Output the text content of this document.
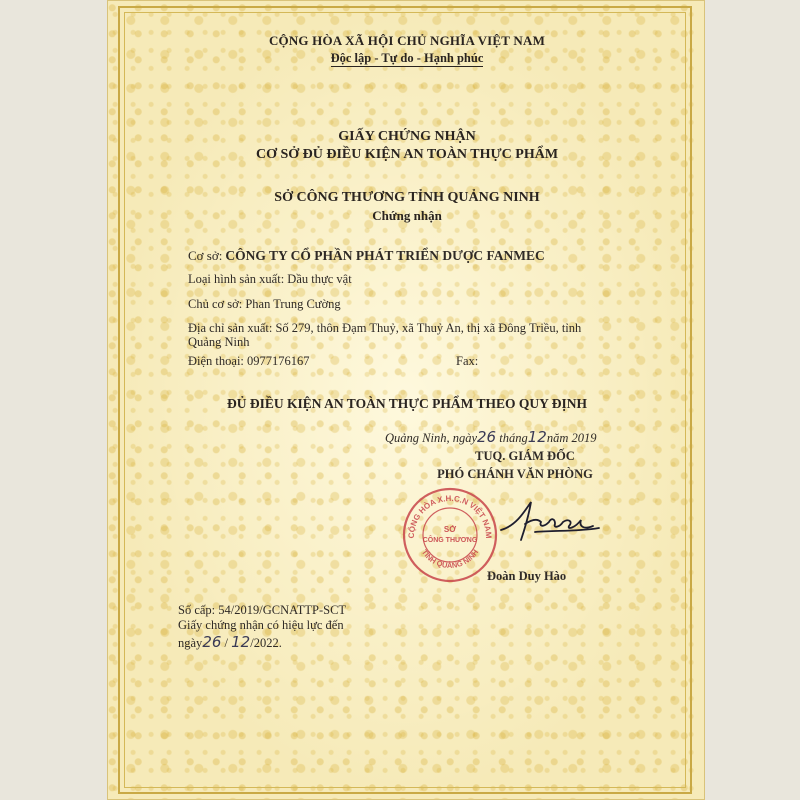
CỘNG HÒA XÃ HỘI CHỦ NGHĨA VIỆT NAM
Độc lập - Tự do - Hạnh phúc
GIẤY CHỨNG NHẬN
CƠ SỞ ĐỦ ĐIỀU KIỆN AN TOÀN THỰC PHẨM
SỞ CÔNG THƯƠNG TỈNH QUẢNG NINH
Chứng nhận
Cơ sở: CÔNG TY CỔ PHẦN PHÁT TRIỂN DƯỢC FANMEC
Loại hình sản xuất: Dầu thực vật
Chủ cơ sở: Phan Trung Cường
Địa chỉ sản xuất: Số 279, thôn Đạm Thuỷ, xã Thuỷ An, thị xã Đông Triều, tỉnh
Quảng Ninh
Điện thoại: 0977176167	Fax:
ĐỦ ĐIỀU KIỆN AN TOÀN THỰC PHẨM THEO QUY ĐỊNH
Quảng Ninh, ngày26 tháng12năm 2019
TUQ. GIÁM ĐỐC
PHÓ CHÁNH VĂN PHÒNG
CỘNG HÒA X.H.C.N VIỆT NAM
TỈNH QUẢNG NINH
SỞ
CÔNG THƯƠNG
Đoàn Duy Hào
Số cấp: 54/2019/GCNATTP-SCT
Giấy chứng nhận có hiệu lực đến
ngày26 / 12/2022.
